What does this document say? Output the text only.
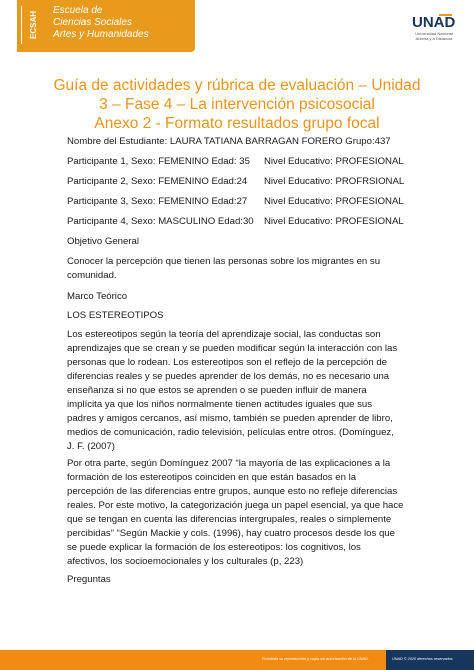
ECSAH
Escuela de
Ciencias Sociales
Artes y Humanidades
UNAD
Universidad Nacional
Abierta y a Distancia
Guía de actividades y rúbrica de evaluación – Unidad
3 – Fase 4 – La intervención psicosocial
Anexo 2 - Formato resultados grupo focal
Nombre del Estudiante: LAURA TATIANA BARRAGAN FORERO Grupo:437
Participante 1, Sexo: FEMENINO Edad: 35 Nivel Educativo: PROFESIONAL
Participante 2, Sexo: FEMENINO Edad:24 Nivel Educativo: PROFRSIONAL
Participante 3, Sexo: FEMENINO Edad:27 Nivel Educativo: PROFESIONAL
Participante 4, Sexo: MASCULINO Edad:30 Nivel Educativo: PROFESIONAL
Objetivo General
Conocer la percepción que tienen las personas sobre los migrantes en su
comunidad.
Marco Teórico
LOS ESTEREOTIPOS
Los estereotipos según la teoría del aprendizaje social, las conductas son
aprendizajes que se crean y se pueden modificar según la interacción con las
personas que lo rodean. Los estereotipos son el reflejo de la percepción de
diferencias reales y se puedes aprender de los demás, no es necesario una
enseñanza si no que estos se aprenden o se pueden influir de manera
implícita ya que los niños normalmente tienen actitudes iguales que sus
padres y amigos cercanos, así mismo, también se pueden aprender de libro,
medios de comunicación, radio televisión, películas entre otros. (Domínguez,
J. F. (2007)
Por otra parte, según Domínguez 2007 “la mayoría de las explicaciones a la
formación de los estereotipos coinciden en que están basados en la
percepción de las diferencias entre grupos, aunque esto no refleje diferencias
reales. Por este motivo, la categorización juega un papel esencial, ya que hace
que se tengan en cuenta las diferencias intergrupales, reales o simplemente
percibidas” “Según Mackie y cols. (1996), hay cuatro procesos desde los que
se puede explicar la formación de los estereotipos: los cognitivos, los
afectivos, los socioemocionales y los culturales (p, 223)
Preguntas
Prohibida su reproducción y copia sin autorización de la UNAD.	UNAD © 2020 derechos reservados
